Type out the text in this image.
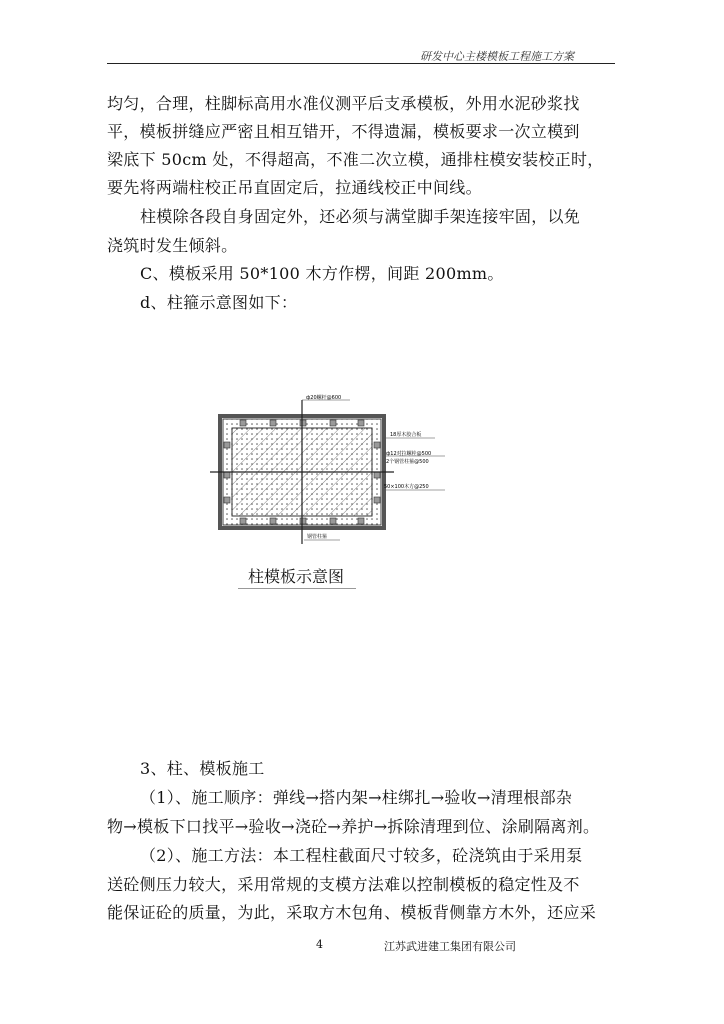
研发中心主楼模板工程施工方案
均匀，合理，柱脚标高用水准仪测平后支承模板，外用水泥砂浆找
平，模板拼缝应严密且相互错开，不得遗漏，模板要求一次立模到
梁底下 50cm 处，不得超高，不准二次立模，通排柱模安装校正时，
要先将两端柱校正吊直固定后，拉通线校正中间线。
柱模除各段自身固定外，还必须与满堂脚手架连接牢固，以免
浇筑时发生倾斜。
C、模板采用 50*100 木方作楞，间距 200mm。
d、柱箍示意图如下：
ф20螺杆@600
18厚木胶合板
ф12对拉螺栓@500
2个钢管柱箍@500
50×100木方@250
钢管柱箍
柱模板示意图
3、柱、模板施工
（1）、施工顺序：弹线→搭内架→柱绑扎→验收→清理根部杂
物→模板下口找平→验收→浇砼→养护→拆除清理到位、涂刷隔离剂。
（2）、施工方法：本工程柱截面尺寸较多，砼浇筑由于采用泵
送砼侧压力较大，采用常规的支模方法难以控制模板的稳定性及不
能保证砼的质量，为此，采取方木包角、模板背侧靠方木外，还应采
4	江苏武进建工集团有限公司
